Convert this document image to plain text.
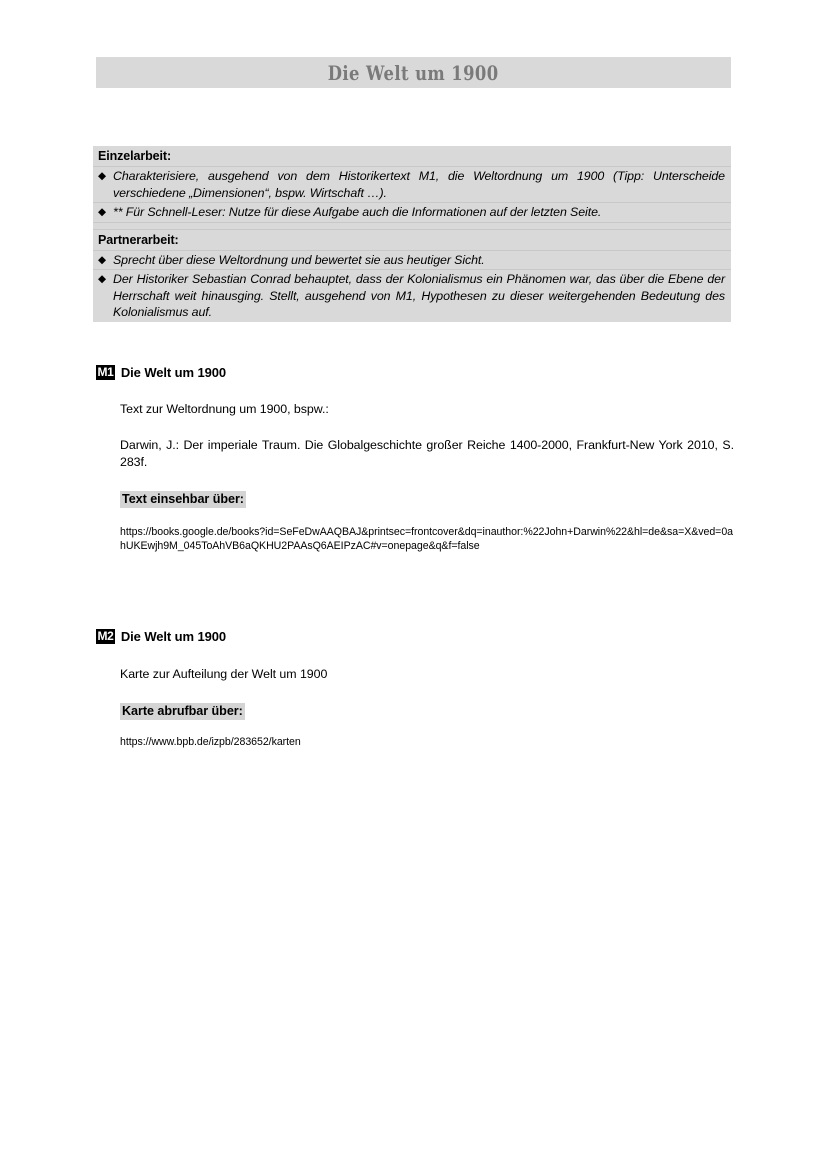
Die Welt um 1900
Einzelarbeit:
◆ Charakterisiere, ausgehend von dem Historikertext M1, die Weltordnung um 1900 (Tipp: Unterscheide verschiedene „Dimensionen“, bspw. Wirtschaft …).
◆ ** Für Schnell-Leser: Nutze für diese Aufgabe auch die Informationen auf der letzten Seite.
Partnerarbeit:
◆ Sprecht über diese Weltordnung und bewertet sie aus heutiger Sicht.
◆ Der Historiker Sebastian Conrad behauptet, dass der Kolonialismus ein Phänomen war, das über die Ebene der Herrschaft weit hinausging. Stellt, ausgehend von M1, Hypothesen zu dieser weitergehenden Bedeutung des Kolonialismus auf.
M1 Die Welt um 1900
Text zur Weltordnung um 1900, bspw.:
Darwin, J.: Der imperiale Traum. Die Globalgeschichte großer Reiche 1400-2000, Frankfurt-New York 2010, S. 283f.
Text einsehbar über:
https://books.google.de/books?id=SeFeDwAAQBAJ&printsec=frontcover&dq=inauthor:%22John+Darwin%22&hl=de&sa=X&ved=0ahUKEwjh9M_045ToAhVB6aQKHU2PAAsQ6AEIPzAC#v=onepage&q&f=false
M2 Die Welt um 1900
Karte zur Aufteilung der Welt um 1900
Karte abrufbar über:
https://www.bpb.de/izpb/283652/karten
